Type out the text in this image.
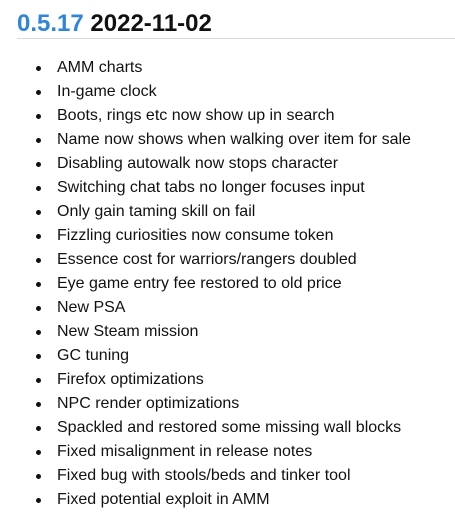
0.5.17 2022-11-02
AMM charts
In-game clock
Boots, rings etc now show up in search
Name now shows when walking over item for sale
Disabling autowalk now stops character
Switching chat tabs no longer focuses input
Only gain taming skill on fail
Fizzling curiosities now consume token
Essence cost for warriors/rangers doubled
Eye game entry fee restored to old price
New PSA
New Steam mission
GC tuning
Firefox optimizations
NPC render optimizations
Spackled and restored some missing wall blocks
Fixed misalignment in release notes
Fixed bug with stools/beds and tinker tool
Fixed potential exploit in AMM
